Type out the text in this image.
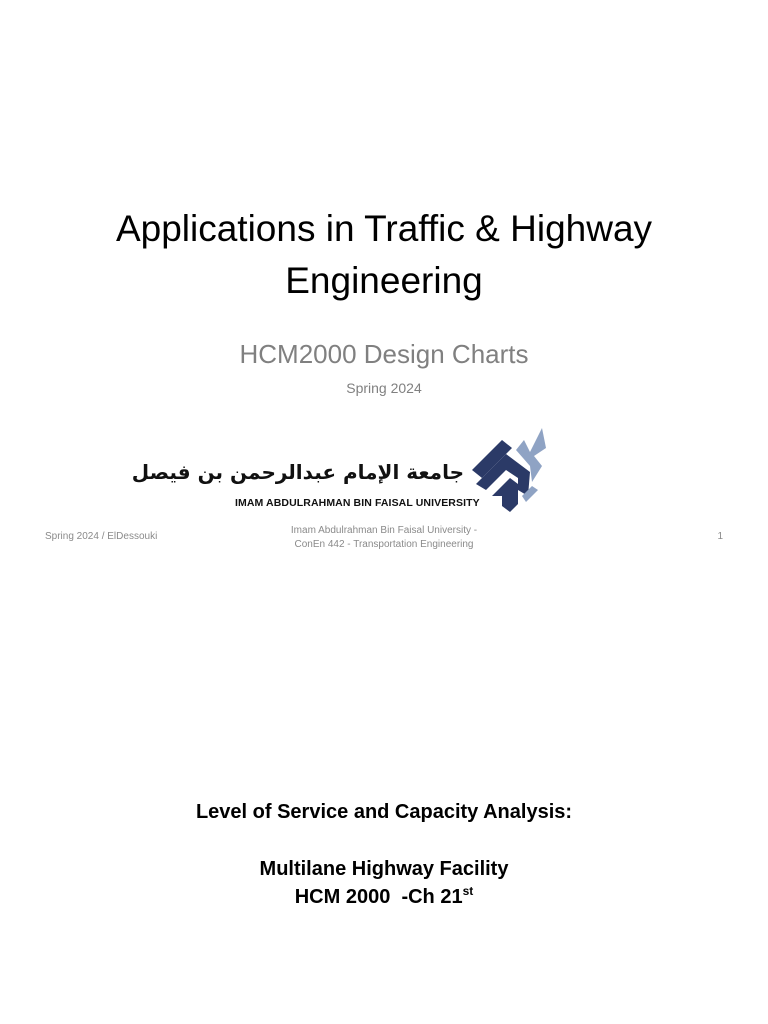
Applications in Traffic & Highway
Engineering
HCM2000 Design Charts
Spring 2024
جامعة الإمام عبدالرحمن بن فيصل
IMAM ABDULRAHMAN BIN FAISAL UNIVERSITY
Spring 2024 / ElDessouki
Imam Abdulrahman Bin Faisal University -
ConEn 442 - Transportation Engineering
1
Level of Service and Capacity Analysis:
Multilane Highway Facility
HCM 2000  -Ch 21st
